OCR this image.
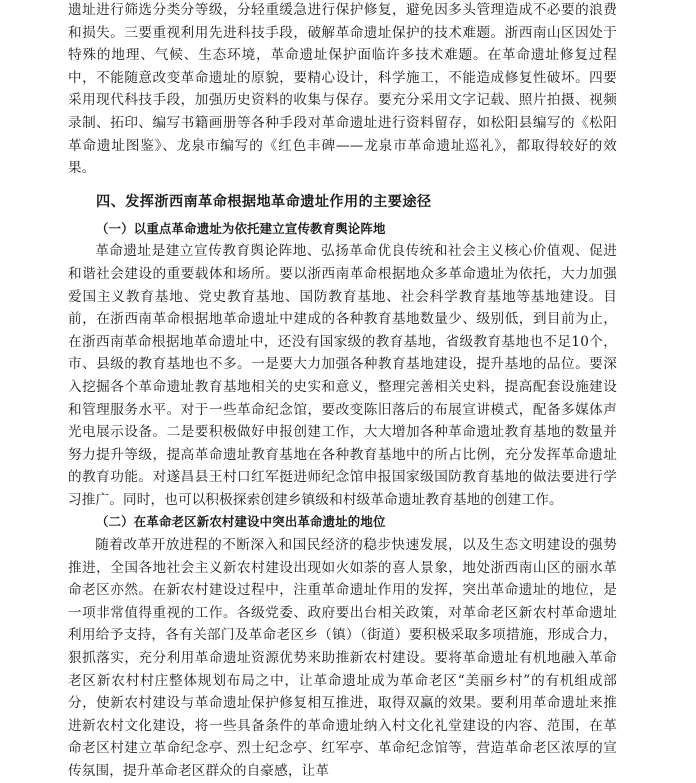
遗址进行筛选分类分等级，分轻重缓急进行保护修复，避免因多头管理造成不必要的浪费和损失。三要重视利用先进科技手段，破解革命遗址保护的技术难题。浙西南山区因处于特殊的地理、气候、生态环境，革命遗址保护面临许多技术难题。在革命遗址修复过程中，不能随意改变革命遗址的原貌，要精心设计，科学施工，不能造成修复性破坏。四要采用现代科技手段，加强历史资料的收集与保存。要充分采用文字记载、照片拍摄、视频录制、拓印、编写书籍画册等各种手段对革命遗址进行资料留存，如松阳县编写的《松阳革命遗址图鉴》、龙泉市编写的《红色丰碑——龙泉市革命遗址巡礼》，都取得较好的效果。

四、发挥浙西南革命根据地革命遗址作用的主要途径
（一）以重点革命遗址为依托建立宣传教育舆论阵地

革命遗址是建立宣传教育舆论阵地、弘扬革命优良传统和社会主义核心价值观、促进和谐社会建设的重要载体和场所。要以浙西南革命根据地众多革命遗址为依托，大力加强爱国主义教育基地、党史教育基地、国防教育基地、社会科学教育基地等基地建设。目前，在浙西南革命根据地革命遗址中建成的各种教育基地数量少、级别低，到目前为止，在浙西南革命根据地革命遗址中，还没有国家级的教育基地，省级教育基地也不足10个，市、县级的教育基地也不多。一是要大力加强各种教育基地建设，提升基地的品位。要深入挖掘各个革命遗址教育基地相关的史实和意义，整理完善相关史料，提高配套设施建设和管理服务水平。对于一些革命纪念馆，要改变陈旧落后的布展宣讲模式，配备多媒体声光电展示设备。二是要积极做好申报创建工作，大大增加各种革命遗址教育基地的数量并努力提升等级，提高革命遗址教育基地在各种教育基地中的所占比例，充分发挥革命遗址的教育功能。对遂昌县王村口红军挺进师纪念馆申报国家级国防教育基地的做法要进行学习推广。同时，也可以积极探索创建乡镇级和村级革命遗址教育基地的创建工作。

（二）在革命老区新农村建设中突出革命遗址的地位

随着改革开放进程的不断深入和国民经济的稳步快速发展，以及生态文明建设的强势推进，全国各地社会主义新农村建设出现如火如荼的喜人景象，地处浙西南山区的丽水革命老区亦然。在新农村建设过程中，注重革命遗址作用的发挥，突出革命遗址的地位，是一项非常值得重视的工作。各级党委、政府要出台相关政策，对革命老区新农村革命遗址利用给予支持，各有关部门及革命老区乡（镇）（街道）要积极采取多项措施，形成合力，狠抓落实，充分利用革命遗址资源优势来助推新农村建设。要将革命遗址有机地融入革命老区新农村村庄整体规划布局之中，让革命遗址成为革命老区“美丽乡村”的有机组成部分，使新农村建设与革命遗址保护修复相互推进，取得双赢的效果。要利用革命遗址来推进新农村文化建设，将一些具备条件的革命遗址纳入村文化礼堂建设的内容、范围，在革命老区村建立革命纪念亭、烈士纪念亭、红军亭、革命纪念馆等，营造革命老区浓厚的宣传氛围，提升革命老区群众的自豪感，让革
